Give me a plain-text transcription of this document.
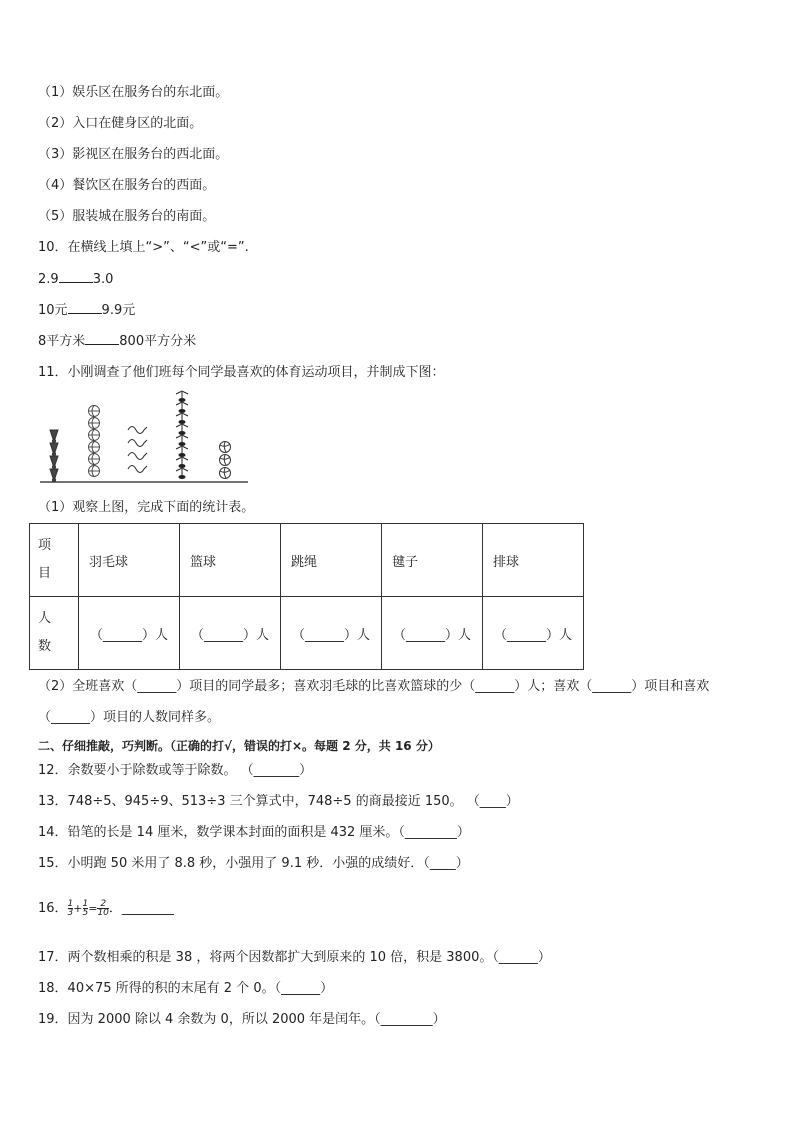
（1）娱乐区在服务台的东北面。
（2）入口在健身区的北面。
（3）影视区在服务台的西北面。
（4）餐饮区在服务台的西面。
（5）服装城在服务台的南面。
10．在横线上填上“>”、“<”或“=”.
2.9	3.0
10元	9.9元
8平方米	800平方分米
11．小刚调查了他们班每个同学最喜欢的体育运动项目，并制成下图：
（1）观察上图，完成下面的统计表。
项
目	羽毛球	篮球	跳绳	毽子	排球

人
数	（______）人	（______）人	（______）人	（______）人	（______）人
（2）全班喜欢（______）项目的同学最多；喜欢羽毛球的比喜欢篮球的少（______）人；喜欢（______）项目和喜欢
（______）项目的人数同样多。
二、仔细推敲，巧判断。（正确的打√，错误的打×。每题 2 分，共 16 分）
12．余数要小于除数或等于除数。 （_______）
13．748÷5、945÷9、513÷3 三个算式中，748÷5 的商最接近 150。 （____）
14．铅笔的长是 14 厘米，数学课本封面的面积是 432 厘米。（________）
15．小明跑 50 米用了 8.8 秒，小强用了 9.1 秒．小强的成绩好．（____）
16． $\frac{1}{3} + \frac{1}{5} = \frac{2}{10}$ ．________
17．两个数相乘的积是 38 ，将两个因数都扩大到原来的 10 倍，积是 3800。（______）
18．40×75 所得的积的末尾有 2 个 0。（______）
19．因为 2000 除以 4 余数为 0，所以 2000 年是闰年。（________）
